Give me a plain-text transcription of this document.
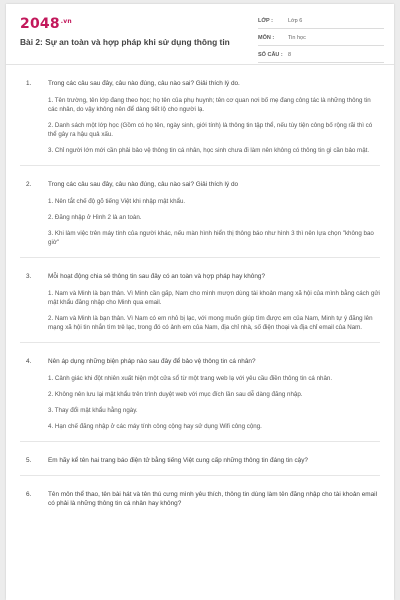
$2048^{.vn}$
Bài 2: Sự an toàn và hợp pháp khi sử dụng thông tin
LỚP :	Lớp 6
MÔN :	Tin học
SỐ CÂU : 8
1.	Trong các câu sau đây, câu nào đúng, câu nào sai? Giải thích lý do.
1. Tên trường, tên lớp đang theo học; họ tên của phụ huynh; tên cơ quan nơi bố mẹ đang công tác là những thông tin các nhân, do vậy không nên để dàng tiết lộ cho người lạ.
2. Danh sách một lớp học (Gồm có họ tên, ngày sinh, giới tính) là thông tin tập thể, nếu tùy tiện công bố rộng rãi thì có thể gây ra hậu quả xấu.
3. Chỉ người lớn mới cần phải bảo vệ thông tin cá nhân, học sinh chưa đi làm nên không có thông tin gì cần bảo mật.
2.	Trong các câu sau đây, câu nào đúng, câu nào sai? Giải thích lý do
1. Nên tắt chế độ gõ tiếng Việt khi nhập mật khẩu.
2. Đăng nhập ở Hình 2 là an toàn.
3. Khi làm việc trên máy tính của người khác, nếu màn hình hiển thị thông báo như hình 3 thì nên lựa chọn "không bao giờ"
3.	Mỗi hoạt động chia sẻ thông tin sau đây có an toàn và hợp pháp hay không?
1. Nam và Minh là bạn thân. Vì Minh cần gấp, Nam cho mình mượn dùng tài khoản mạng xã hội của mình bằng cách gửi mật khẩu đăng nhập cho Minh qua email.
2. Nam và Minh là bạn thân. Vì Nam có em nhỏ bị lạc, với mong muốn giúp tìm được em của Nam, Minh tự ý đăng lên mạng xã hội tin nhắn tìm trẻ lạc, trong đó có ảnh em của Nam, địa chỉ nhà, số điện thoại và địa chỉ email của Nam.
4.	Nên áp dụng những biện pháp nào sau đây để bảo vệ thông tin cá nhân?
1. Cảnh giác khi đột nhiên xuất hiện một cửa sổ từ một trang web lạ với yêu cầu điền thông tin cá nhân.
2. Không nên lưu lại mật khẩu trên trình duyệt web với mục đích lần sau dễ dàng đăng nhập.
3. Thay đổi mật khẩu hằng ngày.
4. Hạn chế đăng nhập ở các máy tính công cộng hay sử dụng Wifi công cộng.
5.	Em hãy kể tên hai trang báo điện tử bằng tiếng Việt cung cấp những thông tin đáng tin cậy?
6.	Tên môn thể thao, tên bài hát và tên thú cưng mình yêu thích, thông tin dùng làm tên đăng nhập cho tài khoản email có phải là những thông tin cá nhân hay không?
